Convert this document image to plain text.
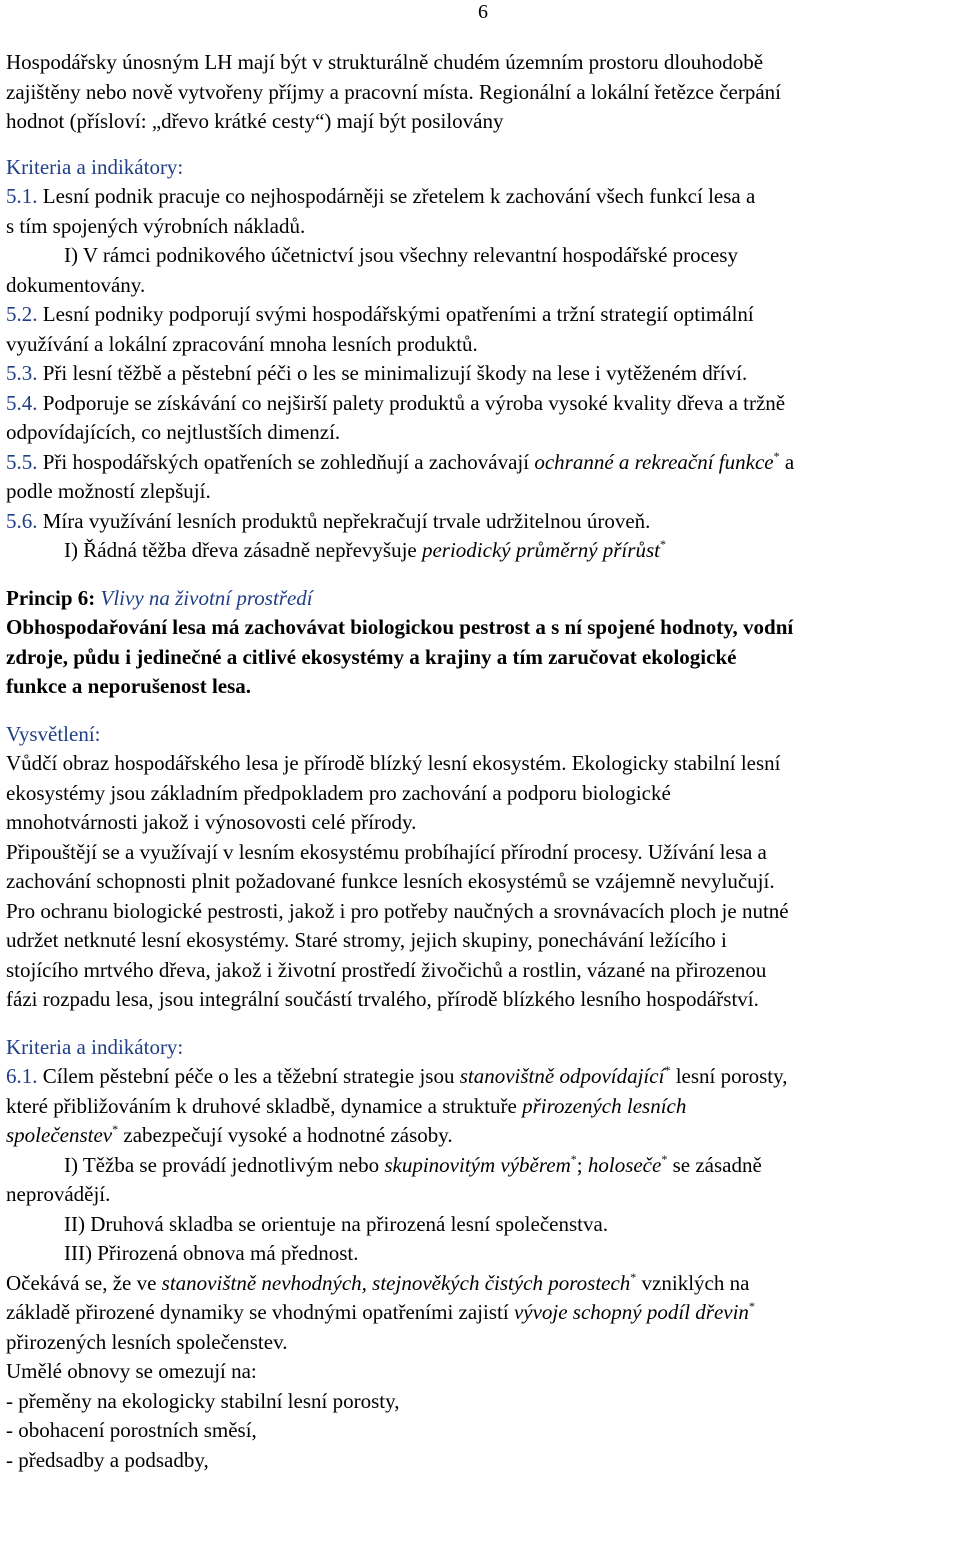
6

Hospodářsky únosným LH mají být v strukturálně chudém územním prostoru dlouhodobě

zajištěny nebo nově vytvořeny příjmy a pracovní místa. Regionální a lokální řetězce čerpání

hodnot (přísloví: „dřevo krátké cesty“) mají být posilovány

Kriteria a indikátory:

5.1. Lesní podnik pracuje co nejhospodárněji se zřetelem k zachování všech funkcí lesa a

s tím spojených výrobních nákladů.

I) V rámci podnikového účetnictví jsou všechny relevantní hospodářské procesy

dokumentovány.

5.2. Lesní podniky podporují svými hospodářskými opatřeními a tržní strategií optimální

využívání a lokální zpracování mnoha lesních produktů.

5.3. Při lesní těžbě a pěstební péči o les se minimalizují škody na lese i vytěženém dříví.

5.4. Podporuje se získávání co nejširší palety produktů a výroba vysoké kvality dřeva a tržně

odpovídajících, co nejtlustších dimenzí.

5.5. Při hospodářských opatřeních se zohledňují a zachovávají ochranné a rekreační funkce* a

podle možností zlepšují.

5.6. Míra využívání lesních produktů nepřekračují trvale udržitelnou úroveň.

I) Řádná těžba dřeva zásadně nepřevyšuje periodický průměrný přírůst*

Princip 6: Vlivy na životní prostředí

Obhospodařování lesa má zachovávat biologickou pestrost a s ní spojené hodnoty, vodní

zdroje, půdu i jedinečné a citlivé ekosystémy a krajiny a tím zaručovat ekologické

funkce a neporušenost lesa.

Vysvětlení:

Vůdčí obraz hospodářského lesa je přírodě blízký lesní ekosystém. Ekologicky stabilní lesní

ekosystémy jsou základním předpokladem pro zachování a podporu biologické

mnohotvárnosti jakož i výnosovosti celé přírody.

Připouštějí se a využívají v lesním ekosystému probíhající přírodní procesy. Užívání lesa a

zachování schopnosti plnit požadované funkce lesních ekosystémů se vzájemně nevylučují.

Pro ochranu biologické pestrosti, jakož i pro potřeby naučných a srovnávacích ploch je nutné

udržet netknuté lesní ekosystémy. Staré stromy, jejich skupiny, ponechávání ležícího i

stojícího mrtvého dřeva, jakož i životní prostředí živočichů a rostlin, vázané na přirozenou

fázi rozpadu lesa, jsou integrální součástí trvalého, přírodě blízkého lesního hospodářství.

Kriteria a indikátory:

6.1. Cílem pěstební péče o les a těžební strategie jsou stanovištně odpovídající* lesní porosty,

které přibližováním k druhové skladbě, dynamice a struktuře přirozených lesních

společenstev* zabezpečují vysoké a hodnotné zásoby.

I) Těžba se provádí jednotlivým nebo skupinovitým výběrem*; holoseče* se zásadně

neprovádějí.

II) Druhová skladba se orientuje na přirozená lesní společenstva.

III) Přirozená obnova má přednost.

Očekává se, že ve stanovištně nevhodných, stejnověkých čistých porostech* vzniklých na

základě přirozené dynamiky se vhodnými opatřeními zajistí vývoje schopný podíl dřevin*

přirozených lesních společenstev.

Umělé obnovy se omezují na:

- přeměny na ekologicky stabilní lesní porosty,

- obohacení porostních směsí,

- předsadby a podsadby,
